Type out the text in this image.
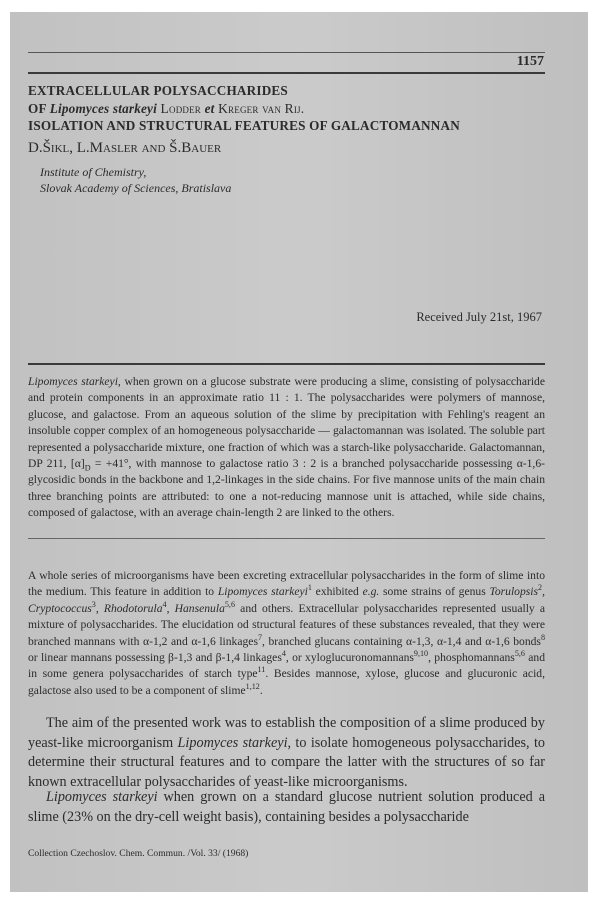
1157
EXTRACELLULAR POLYSACCHARIDES
OF Lipomyces starkeyi Lodder et Kreger van Rij.
ISOLATION AND STRUCTURAL FEATURES OF GALACTOMANNAN
D.Šikl, L.Masler and Š.Bauer
Institute of Chemistry,
Slovak Academy of Sciences, Bratislava
Received July 21st, 1967

Lipomyces starkeyi, when grown on a glucose substrate were producing a slime, consisting of polysaccharide and protein components in an approximate ratio 11 : 1. The polysaccharides were polymers of mannose, glucose, and galactose. From an aqueous solution of the slime by precipitation with Fehling's reagent an insoluble copper complex of an homogeneous polysaccharide — galactomannan was isolated. The soluble part represented a polysaccharide mixture, one fraction of which was a starch-like polysaccharide. Galactomannan, DP 211, $[\alpha]_D = +41^\circ$, with mannose to galactose ratio 3 : 2 is a branched polysaccharide possessing α-1,6-glycosidic bonds in the backbone and 1,2-linkages in the side chains. For five mannose units of the main chain three branching points are attributed: to one a not-reducing mannose unit is attached, while side chains, composed of galactose, with an average chain-length 2 are linked to the others.

A whole series of microorganisms have been excreting extracellular polysaccharides in the form of slime into the medium. This feature in addition to Lipomyces starkeyi$^1$ exhibited e.g. some strains of genus Torulopsis$^2$, Cryptococcus$^3$, Rhodotorula$^4$, Hansenula$^{5,6}$ and others. Extracellular polysaccharides represented usually a mixture of polysaccharides. The elucidation od structural features of these substances revealed, that they were branched mannans with α-1,2 and α-1,6 linkages$^7$, branched glucans containing α-1,3, α-1,4 and α-1,6 bonds$^8$ or linear mannans possessing β-1,3 and β-1,4 linkages$^4$, or xyloglucuronomannans$^{9,10}$, phosphomannans$^{5,6}$ and in some genera polysaccharides of starch type$^{11}$. Besides mannose, xylose, glucose and glucuronic acid, galactose also used to be a component of slime$^{1,12}$.

The aim of the presented work was to establish the composition of a slime produced by yeast-like microorganism Lipomyces starkeyi, to isolate homogeneous polysaccharides, to determine their structural features and to compare the latter with the structures of so far known extracellular polysaccharides of yeast-like microorganisms.

Lipomyces starkeyi when grown on a standard glucose nutrient solution produced a slime (23% on the dry-cell weight basis), containing besides a polysaccharide

Collection Czechoslov. Chem. Commun. /Vol. 33/ (1968)
